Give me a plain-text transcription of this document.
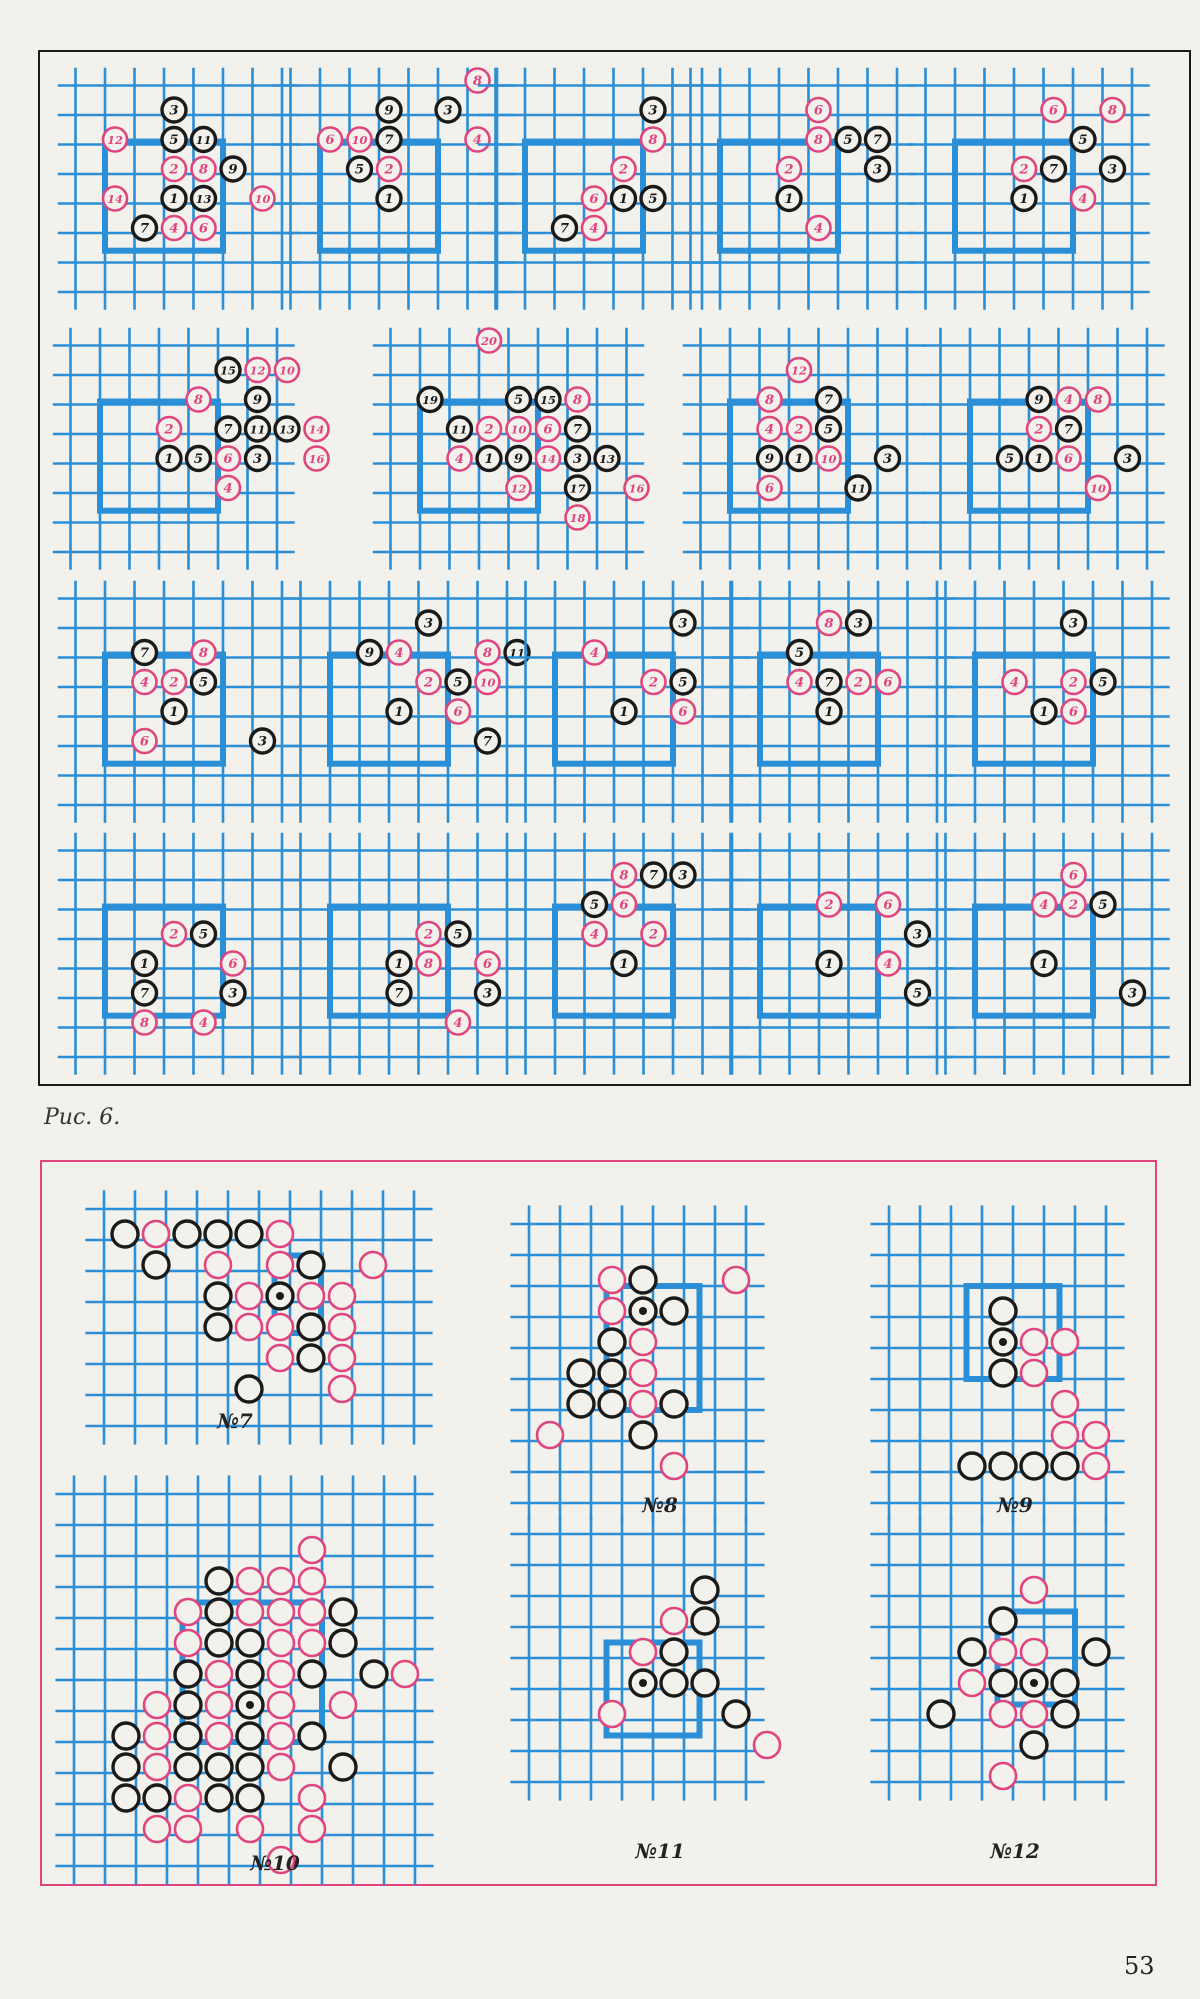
Рис. 6.
3
12	5 11
2 8 9
14	1 13	10
7 4 6
8
9	3
6 10 7	4
5 2
1
3
8
2
6 1 5
7 4
6
8 5 7
2	3
1
4
6	8
5
2 7	3
1	4
15 12 10
8	9
2	7 11 13 14
1 5 6 3	16
4
20
19	5 15 8
11 2 10 6 7
4 1 9 14 3 13
12	17	16
18
12
8	7
4 2 5
9 1 10	3
6	11
9 4 8
2 7
5 1 6	3
10
7	8
4 2 5
1
6	3
3
9 4	8 11
2 5 10
1	6
7
3
4
2 5
1	6
8 3
5
4 7 2 6
1
3
4	2 5
1 6
2 5
1	6
7	3
8	4
2 5
1 8	6
7	3
4
8 7 3
5 6
4	2
1
2	6
3
1	4
5
6
4 2 5
1
3
№7
№8	№9
№10	№11	№12
53
